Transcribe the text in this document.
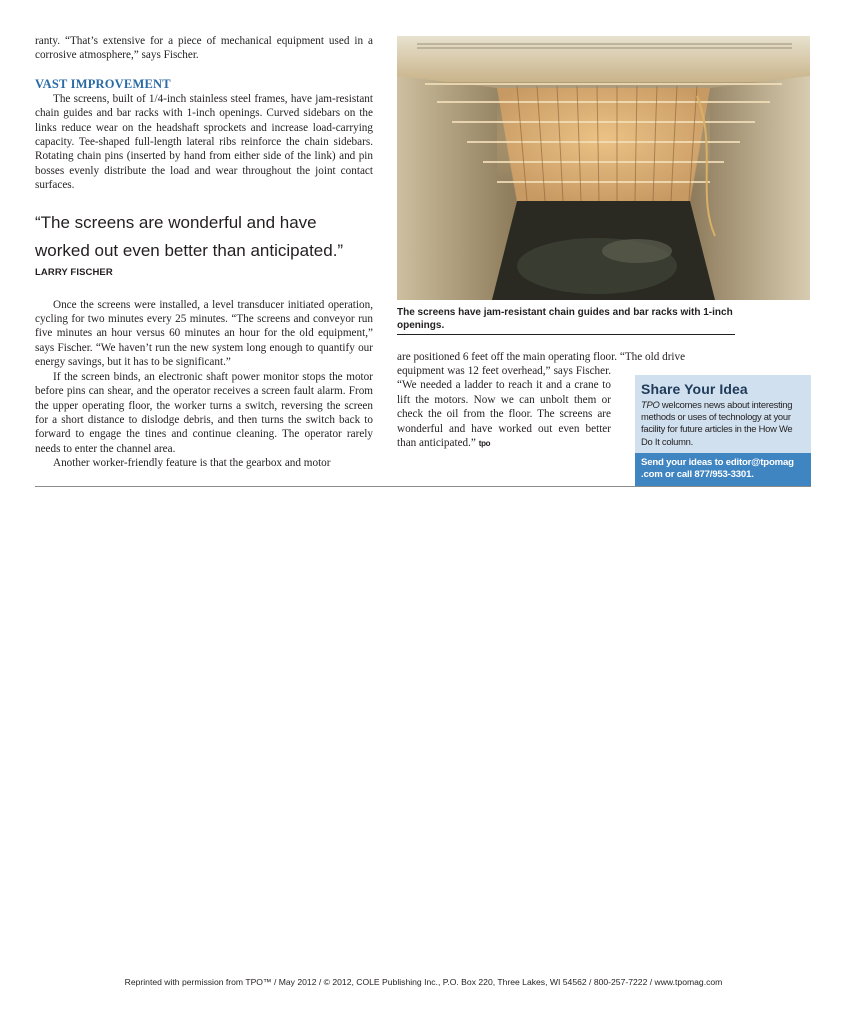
ranty. “That’s extensive for a piece of mechanical equipment used in a corrosive atmosphere,” says Fischer.

VAST IMPROVEMENT

The screens, built of 1/4-inch stainless steel frames, have jam-resistant chain guides and bar racks with 1-inch openings. Curved sidebars on the links reduce wear on the headshaft sprockets and increase load-carrying capacity. Tee-shaped full-length lateral ribs reinforce the chain sidebars. Rotating chain pins (inserted by hand from either side of the link) and pin bosses evenly distribute the load and wear throughout the joint contact surfaces.

“The screens are wonderful and have worked out even better than anticipated.”

LARRY FISCHER

Once the screens were installed, a level transducer initiated operation, cycling for two minutes every 25 minutes. “The screens and conveyor run five minutes an hour versus 60 minutes an hour for the old equipment,” says Fischer. “We haven’t run the new system long enough to quantify our energy savings, but it has to be significant.”

If the screen binds, an electronic shaft power monitor stops the motor before pins can shear, and the operator receives a screen fault alarm. From the upper operating floor, the worker turns a switch, reversing the screen for a short distance to dislodge debris, and then turns the switch back to forward to engage the tines and continue cleaning. The operator rarely needs to enter the channel area.

Another worker-friendly feature is that the gearbox and motor

The screens have jam-resistant chain guides and bar racks with 1-inch openings.
are positioned 6 feet off the main operating floor. “The old drive
equipment was 12 feet overhead,” says Fischer. “We needed a ladder to reach it and a crane to lift the motors. Now we can unbolt them or check the oil from the floor. The screens are wonderful and have worked out even better than anticipated.” tpo
Share Your Idea
TPO welcomes news about interesting methods or uses of technology at your facility for future articles in the How We Do It column.
Send your ideas to editor@tpomag .com or call 877/953-3301.
Reprinted with permission from TPO™ / May 2012 / © 2012, COLE Publishing Inc., P.O. Box 220, Three Lakes, WI 54562 / 800-257-7222 / www.tpomag.com
